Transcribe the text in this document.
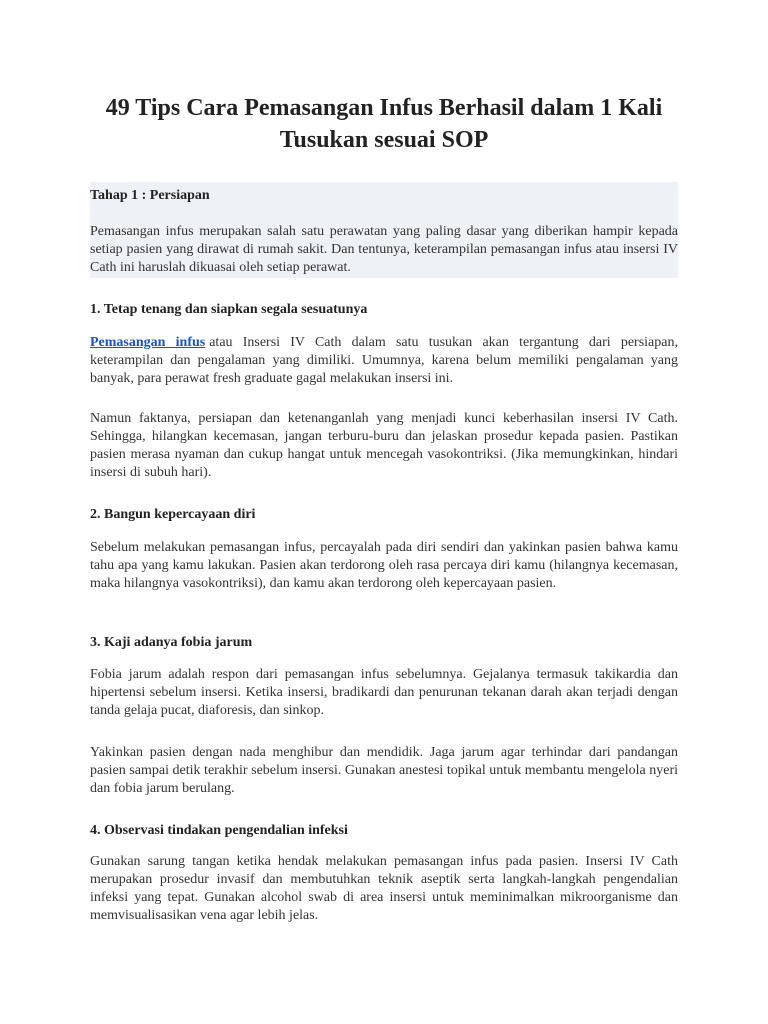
49 Tips Cara Pemasangan Infus Berhasil dalam 1 Kali Tusukan sesuai SOP

Tahap 1 : Persiapan

Pemasangan infus merupakan salah satu perawatan yang paling dasar yang diberikan hampir kepada setiap pasien yang dirawat di rumah sakit. Dan tentunya, keterampilan pemasangan infus atau insersi IV Cath ini haruslah dikuasai oleh setiap perawat.

1. Tetap tenang dan siapkan segala sesuatunya

Pemasangan infus atau Insersi IV Cath dalam satu tusukan akan tergantung dari persiapan, keterampilan dan pengalaman yang dimiliki. Umumnya, karena belum memiliki pengalaman yang banyak, para perawat fresh graduate gagal melakukan insersi ini.

Namun faktanya, persiapan dan ketenanganlah yang menjadi kunci keberhasilan insersi IV Cath. Sehingga, hilangkan kecemasan, jangan terburu-buru dan jelaskan prosedur kepada pasien. Pastikan pasien merasa nyaman dan cukup hangat untuk mencegah vasokontriksi. (Jika memungkinkan, hindari insersi di subuh hari).

2. Bangun kepercayaan diri

Sebelum melakukan pemasangan infus, percayalah pada diri sendiri dan yakinkan pasien bahwa kamu tahu apa yang kamu lakukan. Pasien akan terdorong oleh rasa percaya diri kamu (hilangnya kecemasan, maka hilangnya vasokontriksi), dan kamu akan terdorong oleh kepercayaan pasien.

3. Kaji adanya fobia jarum

Fobia jarum adalah respon dari pemasangan infus sebelumnya. Gejalanya termasuk takikardia dan hipertensi sebelum insersi. Ketika insersi, bradikardi dan penurunan tekanan darah akan terjadi dengan tanda gelaja pucat, diaforesis, dan sinkop.

Yakinkan pasien dengan nada menghibur dan mendidik. Jaga jarum agar terhindar dari pandangan pasien sampai detik terakhir sebelum insersi. Gunakan anestesi topikal untuk membantu mengelola nyeri dan fobia jarum berulang.

4. Observasi tindakan pengendalian infeksi

Gunakan sarung tangan ketika hendak melakukan pemasangan infus pada pasien. Insersi IV Cath merupakan prosedur invasif dan membutuhkan teknik aseptik serta langkah-langkah pengendalian infeksi yang tepat. Gunakan alcohol swab di area insersi untuk meminimalkan mikroorganisme dan memvisualisasikan vena agar lebih jelas.
